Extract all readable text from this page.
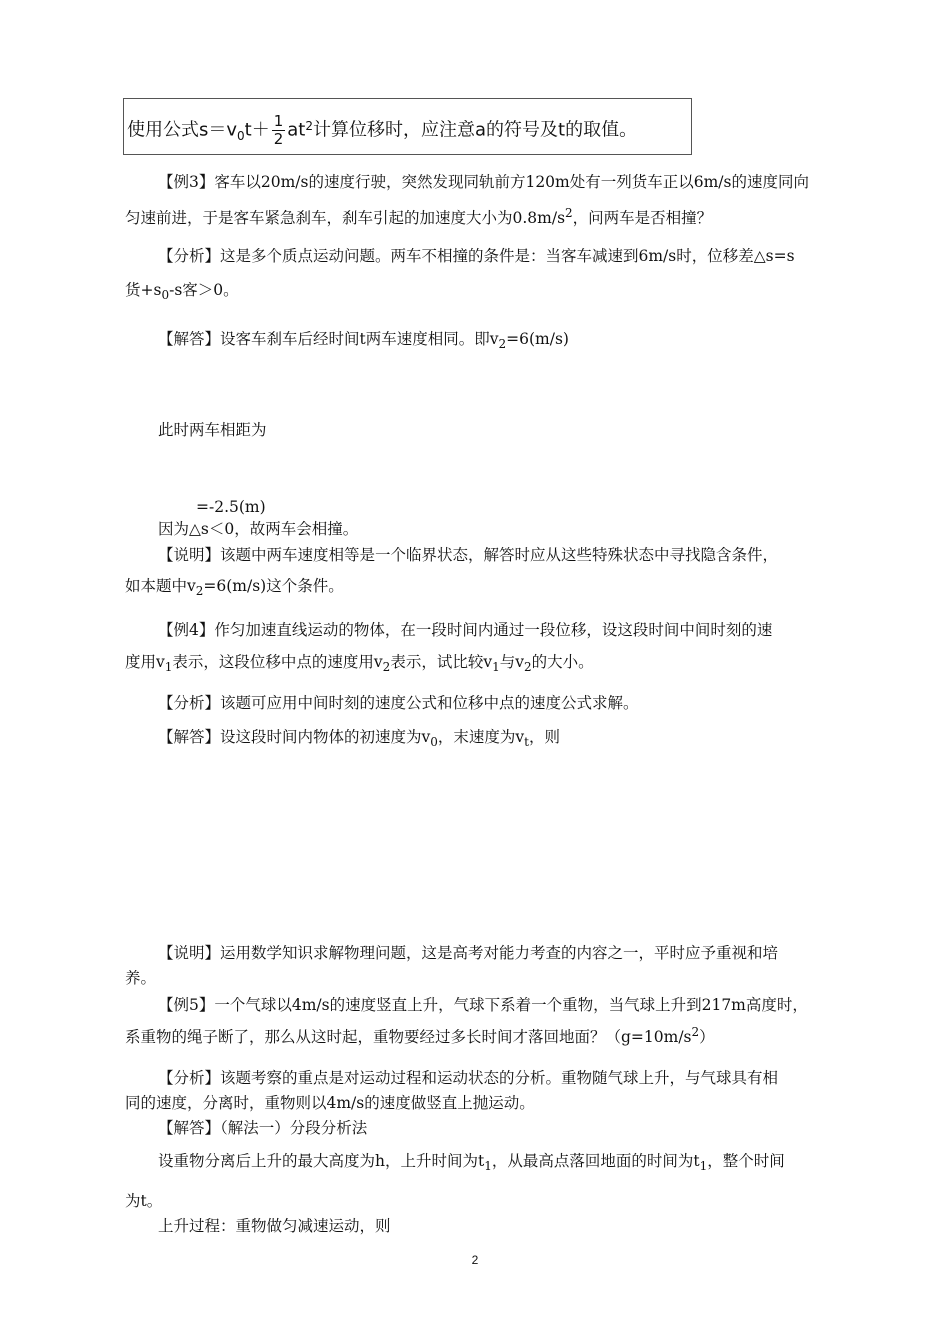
使用公式$s=v_0t+ \frac{1}{2} at^2$计算位移时，应注意a的符号及t的取值。
【例3】客车以20m/s的速度行驶，突然发现同轨前方120m处有一列货车正以6m/s的速度同向
匀速前进，于是客车紧急刹车，刹车引起的加速度大小为$0.8m/s^2$，问两车是否相撞？
【分析】这是多个质点运动问题。两车不相撞的条件是：当客车减速到6m/s时，位移差△s=s
货$+s_0-s$客＞0。
【解答】设客车刹车后经时间t两车速度相同。即$v_2=6(m/s)$
此时两车相距为
=-2.5(m)
因为△s＜0，故两车会相撞。
【说明】该题中两车速度相等是一个临界状态，解答时应从这些特殊状态中寻找隐含条件，
如本题中$v_2=6(m/s)$这个条件。
【例4】作匀加速直线运动的物体，在一段时间内通过一段位移，设这段时间中间时刻的速
度用$v_1$表示，这段位移中点的速度用$v_2$表示，试比较$v_1$与$v_2$的大小。
【分析】该题可应用中间时刻的速度公式和位移中点的速度公式求解。
【解答】设这段时间内物体的初速度为$v_0$，末速度为$v_t$，则
【说明】运用数学知识求解物理问题，这是高考对能力考查的内容之一，平时应予重视和培
养。
【例5】一个气球以4m/s的速度竖直上升，气球下系着一个重物，当气球上升到217m高度时，
系重物的绳子断了，那么从这时起，重物要经过多长时间才落回地面？$(g=10m/s^2)$
【分析】该题考察的重点是对运动过程和运动状态的分析。重物随气球上升，与气球具有相
同的速度，分离时，重物则以4m/s的速度做竖直上抛运动。
【解答】（解法一）分段分析法
设重物分离后上升的最大高度为h，上升时间为$t_1$，从最高点落回地面的时间为$t_1$，整个时间
为t。
上升过程：重物做匀减速运动，则
2
